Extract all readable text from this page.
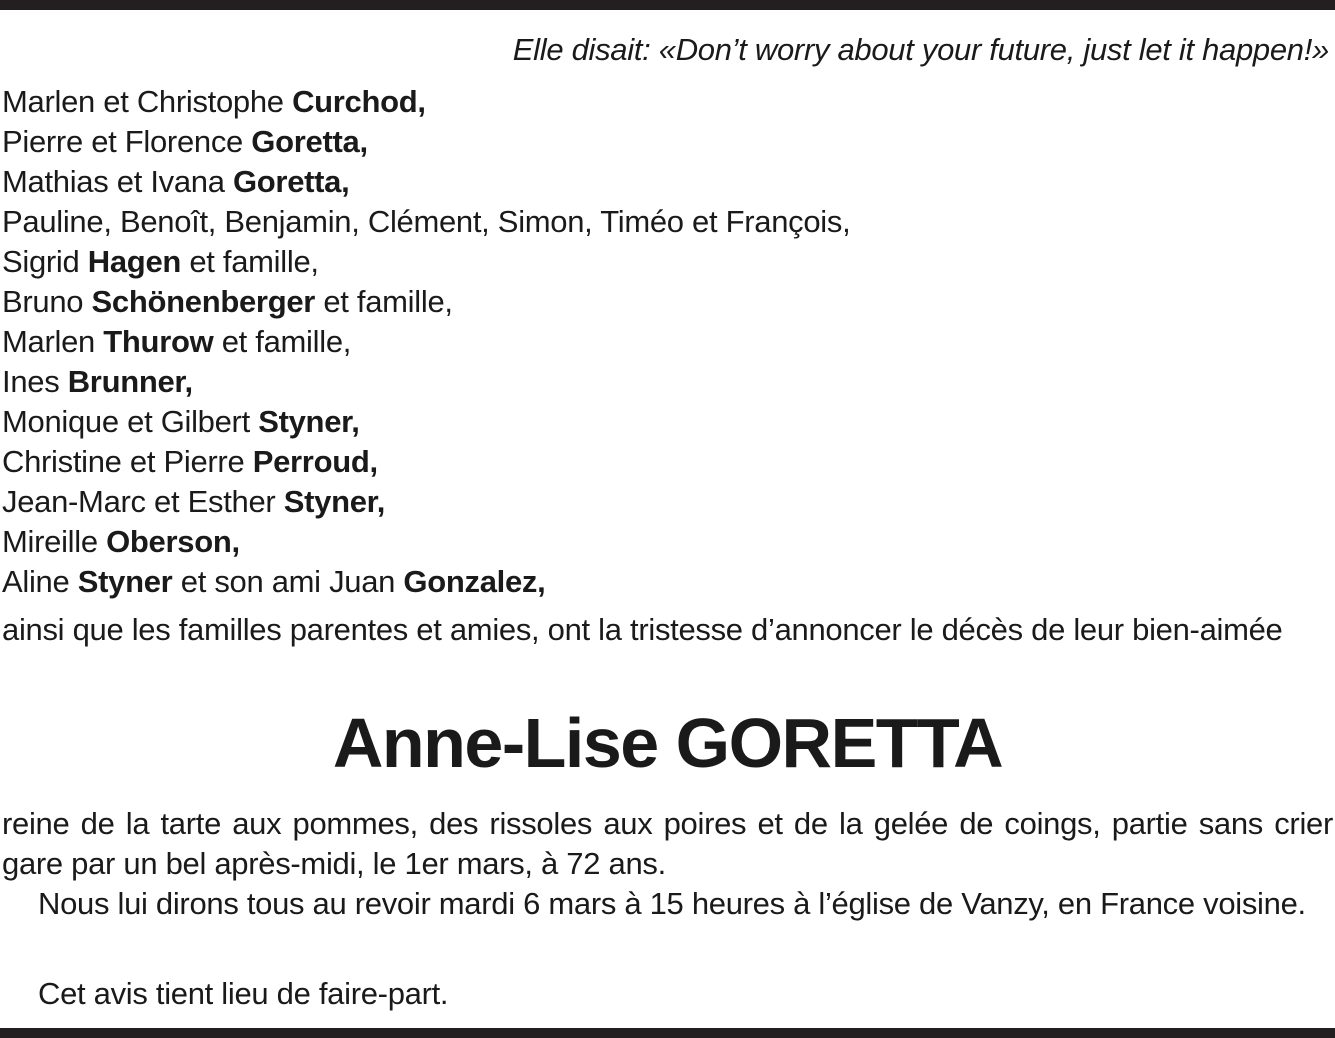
Elle disait: «Don’t worry about your future, just let it happen!»
Marlen et Christophe Curchod,
Pierre et Florence Goretta,
Mathias et Ivana Goretta,
Pauline, Benoît, Benjamin, Clément, Simon, Timéo et François,
Sigrid Hagen et famille,
Bruno Schönenberger et famille,
Marlen Thurow et famille,
Ines Brunner,
Monique et Gilbert Styner,
Christine et Pierre Perroud,
Jean-Marc et Esther Styner,
Mireille Oberson,
Aline Styner et son ami Juan Gonzalez,
ainsi que les familles parentes et amies, ont la tristesse d’annoncer le décès de leur bien-aimée
Anne-Lise GORETTA
reine de la tarte aux pommes, des rissoles aux poires et de la gelée de coings, partie sans crier gare par un bel après-midi, le 1er mars, à 72 ans.
Nous lui dirons tous au revoir mardi 6 mars à 15 heures à l’église de Vanzy, en France voisine.
Cet avis tient lieu de faire-part.
